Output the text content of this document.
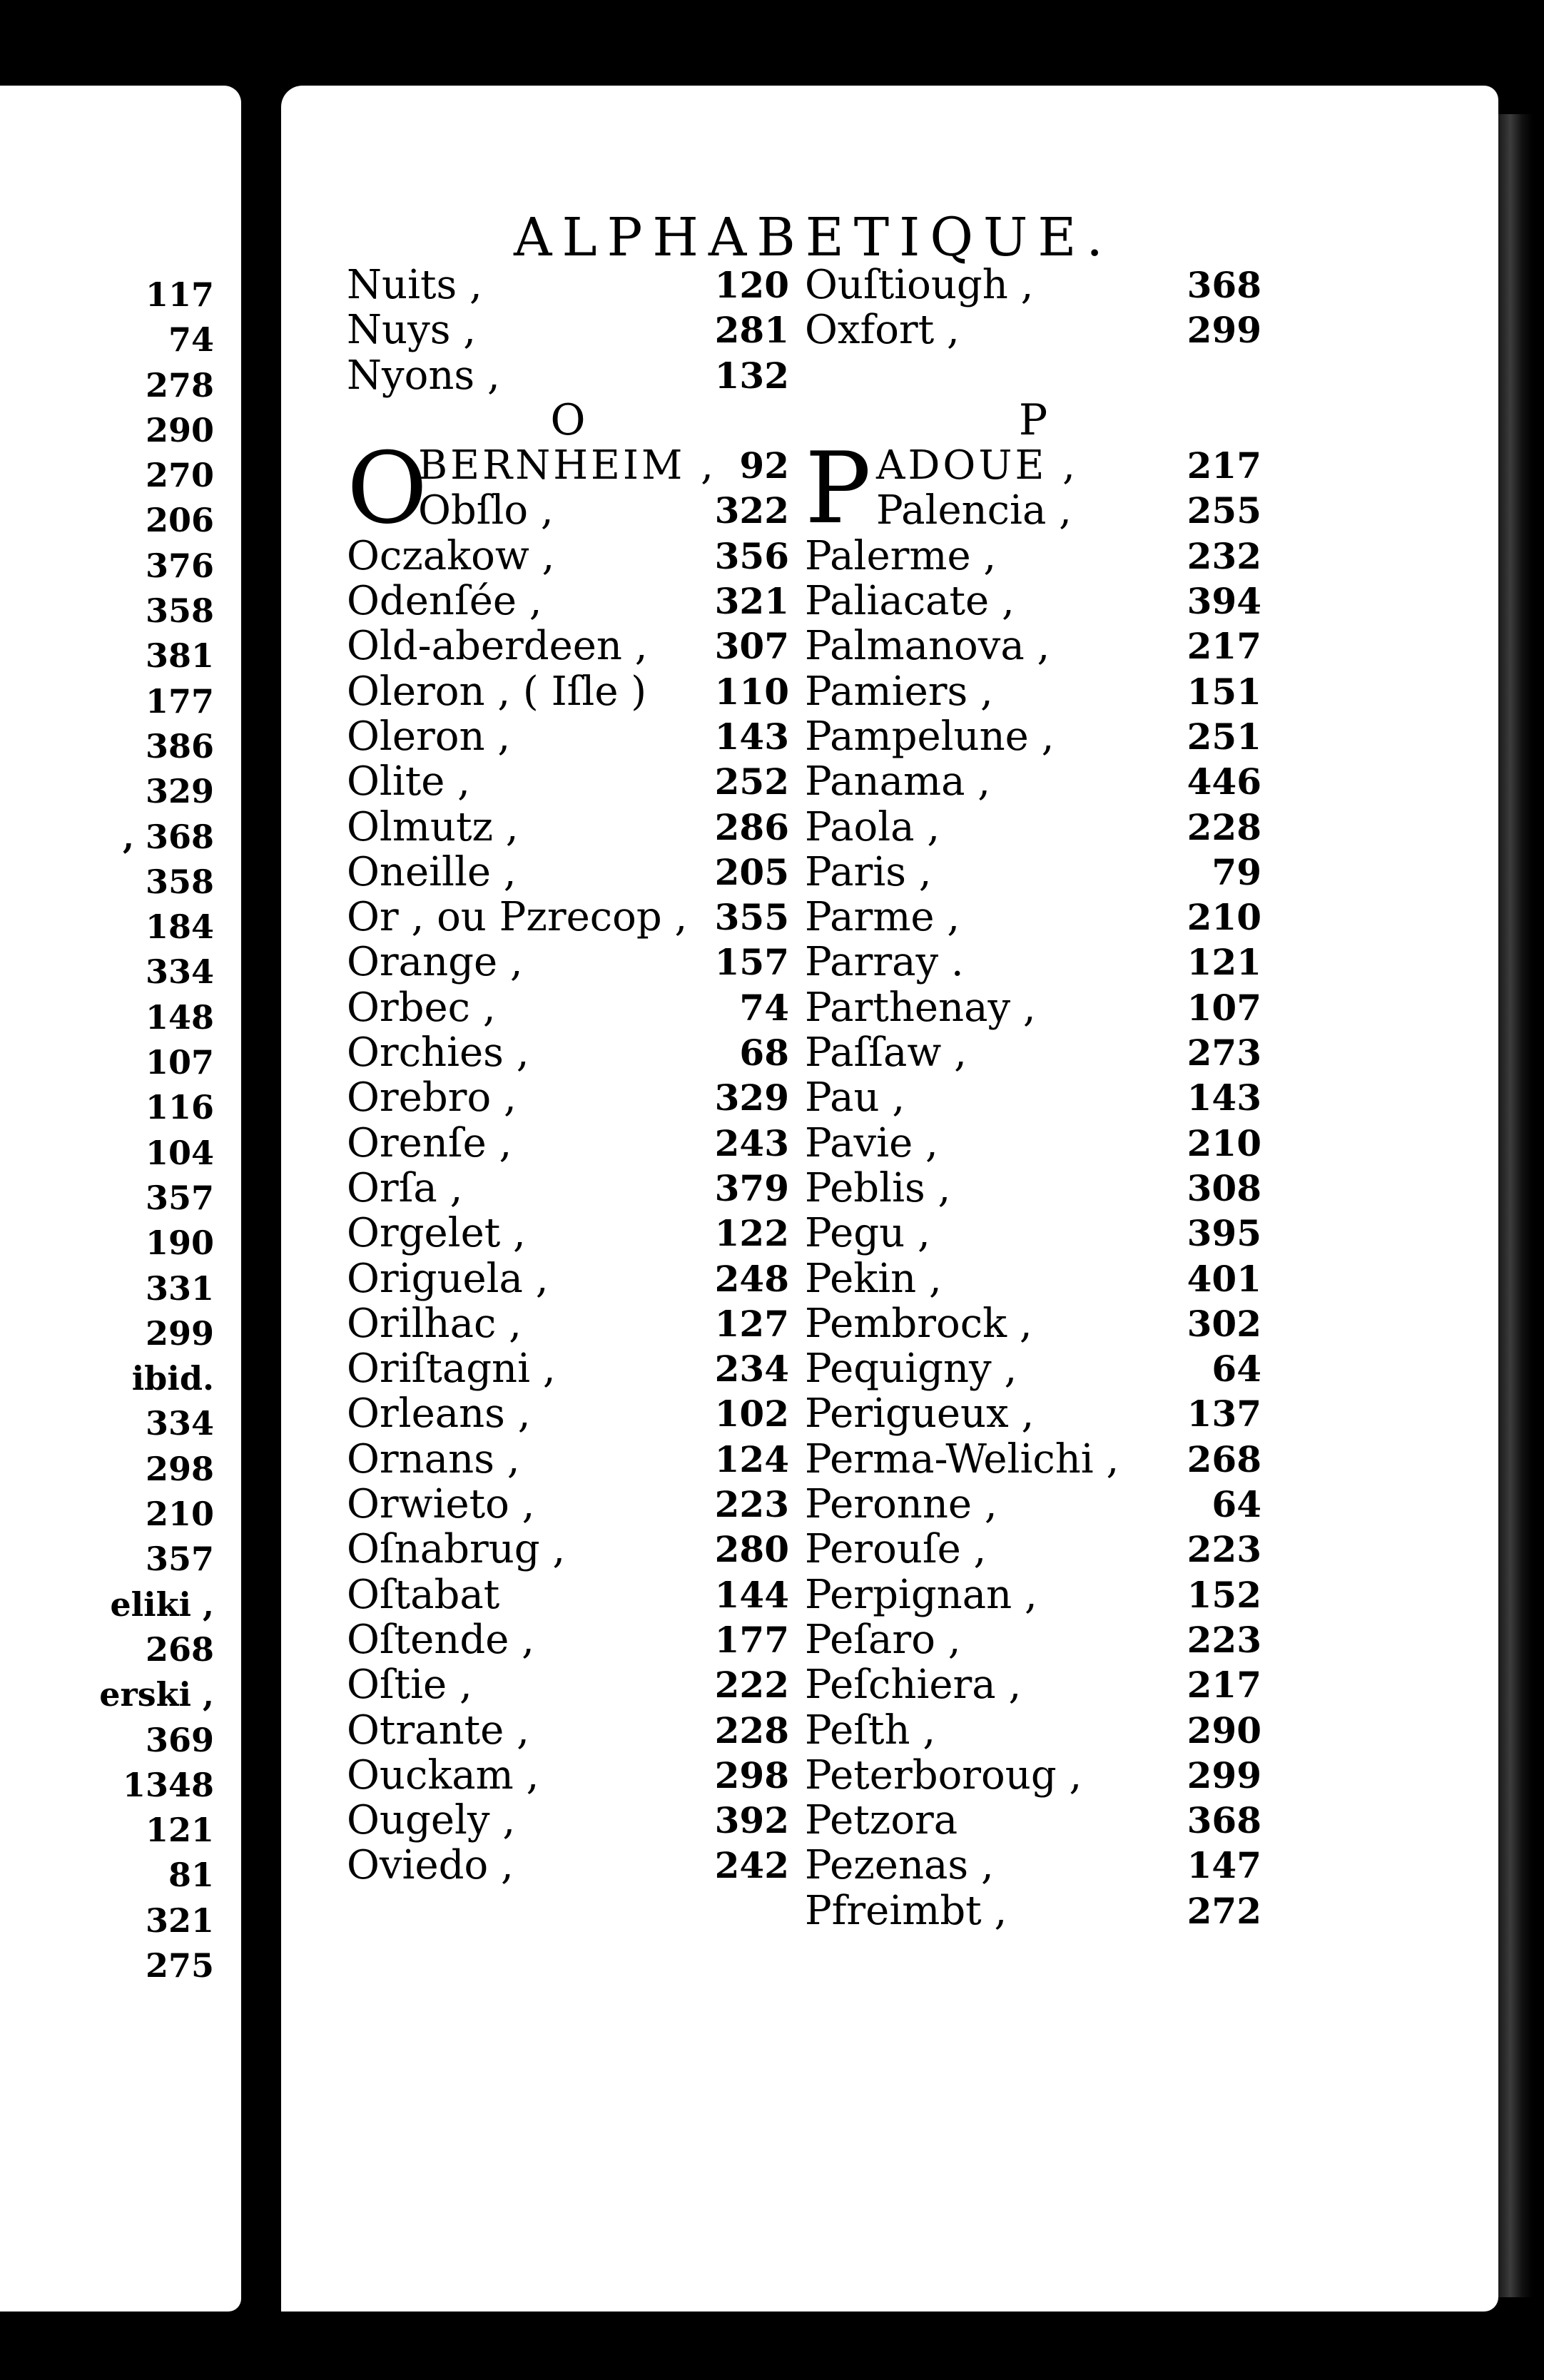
117
74
278
290
270
206
376
358
381
177
386
329
, 368
358
184
334
148
107
116
104
357
190
331
299
ibid.
334
298
210
357
eliki ,
268
erski ,
369
1348
121
81
321
275
ALPHABETIQUE.
Nuits ,	120
Nuys ,	281
Nyons ,	132
O
O
BERNHEIM , 92
Obſlo ,	322
Oczakow ,	356
Odenſée ,	321
Old-aberdeen , 307
Oleron , ( Iſle ) 110
Oleron ,	143
Olite ,	252
Olmutz ,	286
Oneille ,	205
Or , ou Pzrecop , 355
Orange ,	157
Orbec ,	74
Orchies ,	68
Orebro ,	329
Orenſe ,	243
Orſa ,	379
Orgelet ,	122
Origuela ,	248
Orilhac ,	127
Oriſtagni ,	234
Orleans ,	102
Ornans ,	124
Orwieto ,	223
Oſnabrug ,	280
Oſtabat	144
Oſtende ,	177
Oſtie ,	222
Otrante ,	228
Ouckam ,	298
Ougely ,	392
Oviedo ,	242
Ouſtiough ,	368
Oxfort ,	299
P
P ADOUE ,	217
Palencia ,	255
Palerme ,	232
Paliacate ,	394
Palmanova ,	217
Pamiers ,	151
Pampelune ,	251
Panama ,	446
Paola ,	228
Paris ,	79
Parme ,	210
Parray .	121
Parthenay ,	107
Paſſaw ,	273
Pau ,	143
Pavie ,	210
Peblis ,	308
Pegu ,	395
Pekin ,	401
Pembrock ,	302
Pequigny ,	64
Perigueux ,	137
Perma-Welichi , 268
Peronne ,	64
Perouſe ,	223
Perpignan ,	152
Peſaro ,	223
Peſchiera ,	217
Peſth ,	290
Peterboroug ,	299
Petzora	368
Pezenas ,	147
Pfreimbt ,	272
